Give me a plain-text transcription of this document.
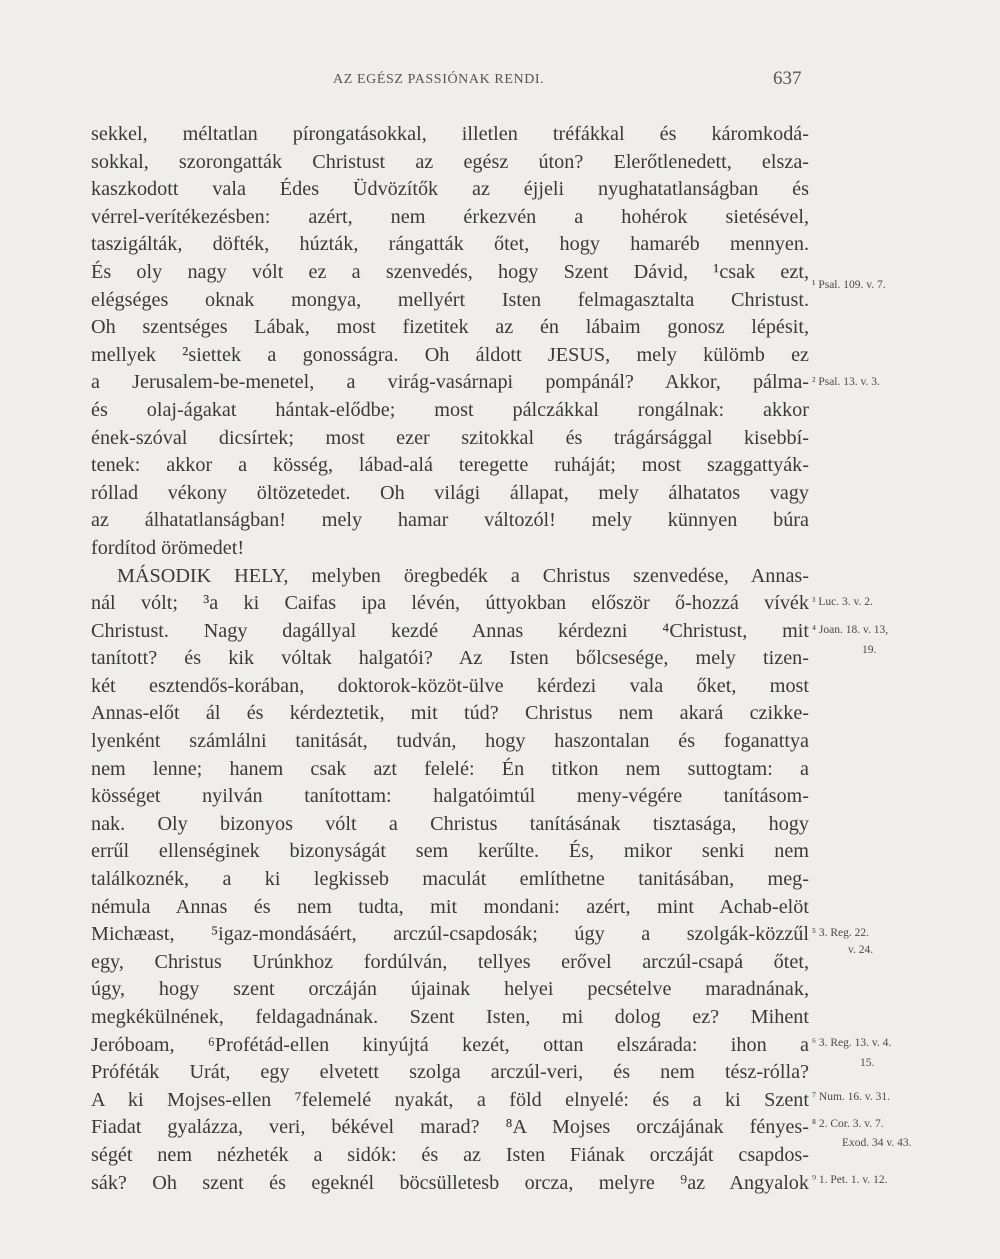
AZ EGÉSZ PASSIÓNAK RENDI.	637
sekkel, méltatlan pírongatásokkal, illetlen tréfákkal és káromkodá-
sokkal, szorongatták Christust az egész úton? Elerőtlenedett, elsza-
kaszkodott vala Édes Üdvözítők az éjjeli nyughatatlanságban és
vérrel-verítékezésben: azért, nem érkezvén a hohérok sietésével,
taszigálták, döfték, húzták, rángatták őtet, hogy hamaréb mennyen.
És oly nagy vólt ez a szenvedés, hogy Szent Dávid, ¹csak ezt,
elégséges oknak mongya, mellyért Isten felmagasztalta Christust.
Oh szentséges Lábak, most fizetitek az én lábaim gonosz lépésit,
mellyek ²siettek a gonosságra. Oh áldott JESUS, mely külömb ez
a Jerusalem-be-menetel, a virág-vasárnapi pompánál? Akkor, pálma-
és olaj-ágakat hántak-elődbe; most pálczákkal rongálnak: akkor
ének-szóval dicsírtek; most ezer szitokkal és trágársággal kisebbí-
tenek: akkor a kösség, lábad-alá teregette ruháját; most szaggattyák-
róllad vékony öltözetedet. Oh világi állapat, mely álhatatos vagy
az álhatatlanságban! mely hamar változól! mely künnyen búra
fordítod örömedet!
MÁSODIK HELY, melyben öregbedék a Christus szenvedése, Annas-
nál vólt; ³a ki Caifas ipa lévén, úttyokban először ő-hozzá vívék
Christust. Nagy dagállyal kezdé Annas kérdezni ⁴Christust, mit
tanított? és kik vóltak halgatói? Az Isten bőlcsesége, mely tizen-
két esztendős-korában, doktorok-közöt-ülve kérdezi vala őket, most
Annas-előt ál és kérdeztetik, mit túd? Christus nem akará czikke-
lyenként számlálni tanitását, tudván, hogy haszontalan és foganattya
nem lenne; hanem csak azt felelé: Én titkon nem suttogtam: a
kösséget nyilván tanítottam: halgatóimtúl meny-végére tanításom-
nak. Oly bizonyos vólt a Christus tanításának tisztasága, hogy
errűl ellenséginek bizonyságát sem kerűlte. És, mikor senki nem
találkoznék, a ki legkisseb maculát említhetne tanitásában, meg-
némula Annas és nem tudta, mit mondani: azért, mint Achab-elöt
Michæast, ⁵igaz-mondásáért, arczúl-csapdosák; úgy a szolgák-közzűl
egy, Christus Urúnkhoz fordúlván, tellyes erővel arczúl-csapá őtet,
úgy, hogy szent orczáján újainak helyei pecsételve maradnának,
megkékülnének, feldagadnának. Szent Isten, mi dolog ez? Mihent
Jeróboam, ⁶Profétád-ellen kinyújtá kezét, ottan elszárada: ihon a
Próféták Urát, egy elvetett szolga arczúl-veri, és nem tész-rólla?
A ki Mojses-ellen ⁷felemelé nyakát, a föld elnyelé: és a ki Szent
Fiadat gyalázza, veri, békével marad? ⁸A Mojses orczájának fényes-
ségét nem nézheték a sidók: és az Isten Fiának orczáját csapdos-
sák? Oh szent és egeknél böcsülletesb orcza, melyre ⁹az Angyalok
¹ Psal. 109. v. 7.
² Psal. 13. v. 3.
³ Luc. 3. v. 2.
⁴ Joan. 18. v. 13,
19.
⁵ 3. Reg. 22.
v. 24.
⁶ 3. Reg. 13. v. 4.
15.
⁷ Num. 16. v. 31.
⁸ 2. Cor. 3. v. 7.
Exod. 34 v. 43.
⁹ 1. Pet. 1. v. 12.
